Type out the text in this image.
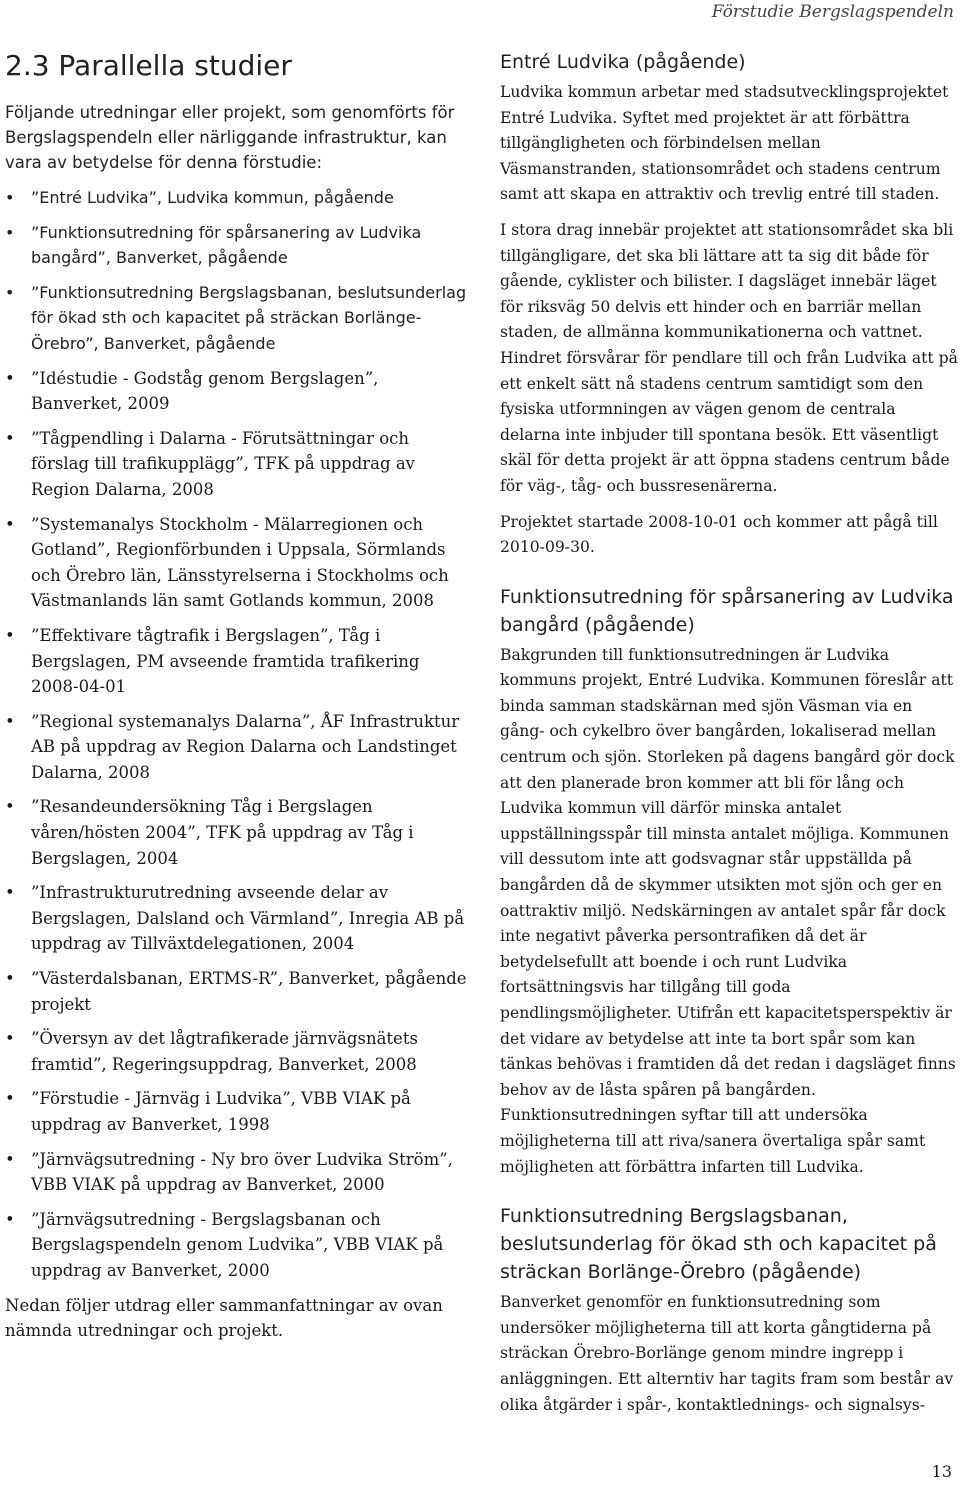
Förstudie Bergslagspendeln
2.3 Parallella studier
Följande utredningar eller projekt, som genomförts för Bergslagspendeln eller närliggande infrastruktur, kan vara av betydelse för denna förstudie:
• ”Entré Ludvika”, Ludvika kommun, pågående
• ”Funktionsutredning för spårsanering av Ludvika bangård”, Banverket, pågående
• ”Funktionsutredning Bergslagsbanan, beslutsunderlag för ökad sth och kapacitet på sträckan Borlänge-Örebro”, Banverket, pågående
• ”Idéstudie - Godståg genom Bergslagen”, Banverket, 2009
• ”Tågpendling i Dalarna - Förutsättningar och förslag till trafikupplägg”, TFK på uppdrag av Region Dalarna, 2008
• ”Systemanalys Stockholm - Mälarregionen och Gotland”, Regionförbunden i Uppsala, Sörmlands och Örebro län, Länsstyrelserna i Stockholms och Västmanlands län samt Gotlands kommun, 2008
• ”Effektivare tågtrafik i Bergslagen”, Tåg i Bergslagen, PM avseende framtida trafikering 2008-04-01
• ”Regional systemanalys Dalarna”, ÅF Infrastruktur AB på uppdrag av Region Dalarna och Landstinget Dalarna, 2008
• ”Resandeundersökning Tåg i Bergslagen våren/hösten 2004”, TFK på uppdrag av Tåg i Bergslagen, 2004
• ”Infrastrukturutredning avseende delar av Bergslagen, Dalsland och Värmland”, Inregia AB på uppdrag av Tillväxtdelegationen, 2004
• ”Västerdalsbanan, ERTMS-R”, Banverket, pågående projekt
• ”Översyn av det lågtrafikerade järnvägsnätets framtid”, Regeringsuppdrag, Banverket, 2008
• ”Förstudie - Järnväg i Ludvika”, VBB VIAK på uppdrag av Banverket, 1998
• ”Järnvägsutredning - Ny bro över Ludvika Ström”, VBB VIAK på uppdrag av Banverket, 2000
• ”Järnvägsutredning - Bergslagsbanan och Bergslagspendeln genom Ludvika”, VBB VIAK på uppdrag av Banverket, 2000
Nedan följer utdrag eller sammanfattningar av ovan nämnda utredningar och projekt.
Entré Ludvika (pågående)

Ludvika kommun arbetar med stadsutvecklingsprojektet Entré Ludvika. Syftet med projektet är att förbättra tillgängligheten och förbindelsen mellan Väsmanstranden, stationsområdet och stadens centrum samt att skapa en attraktiv och trevlig entré till staden.

I stora drag innebär projektet att stationsområdet ska bli tillgängligare, det ska bli lättare att ta sig dit både för gående, cyklister och bilister. I dagsläget innebär läget för riksväg 50 delvis ett hinder och en barriär mellan staden, de allmänna kommunikationerna och vattnet. Hindret försvårar för pendlare till och från Ludvika att på ett enkelt sätt nå stadens centrum samtidigt som den fysiska utformningen av vägen genom de centrala delarna inte inbjuder till spontana besök. Ett väsentligt skäl för detta projekt är att öppna stadens centrum både för väg-, tåg- och bussresenärerna.

Projektet startade 2008-10-01 och kommer att pågå till 2010-09-30.

Funktionsutredning för spårsanering av Ludvika bangård (pågående)

Bakgrunden till funktionsutredningen är Ludvika kommuns projekt, Entré Ludvika. Kommunen föreslår att binda samman stadskärnan med sjön Väsman via en gång- och cykelbro över bangården, lokaliserad mellan centrum och sjön. Storleken på dagens bangård gör dock att den planerade bron kommer att bli för lång och Ludvika kommun vill därför minska antalet uppställningsspår till minsta antalet möjliga. Kommunen vill dessutom inte att godsvagnar står uppställda på bangården då de skymmer utsikten mot sjön och ger en oattraktiv miljö. Nedskärningen av antalet spår får dock inte negativt påverka persontrafiken då det är betydelsefullt att boende i och runt Ludvika fortsättningsvis har tillgång till goda pendlingsmöjligheter. Utifrån ett kapacitetsperspektiv är det vidare av betydelse att inte ta bort spår som kan tänkas behövas i framtiden då det redan i dagsläget finns behov av de låsta spåren på bangården. Funktionsutredningen syftar till att undersöka möjligheterna till att riva/sanera övertaliga spår samt möjligheten att förbättra infarten till Ludvika.

Funktionsutredning Bergslagsbanan, beslutsunderlag för ökad sth och kapacitet på sträckan Borlänge-Örebro (pågående)

Banverket genomför en funktionsutredning som undersöker möjligheterna till att korta gångtiderna på sträckan Örebro-Borlänge genom mindre ingrepp i anläggningen. Ett alterntiv har tagits fram som består av olika åtgärder i spår-, kontaktlednings- och signalsys-

13
